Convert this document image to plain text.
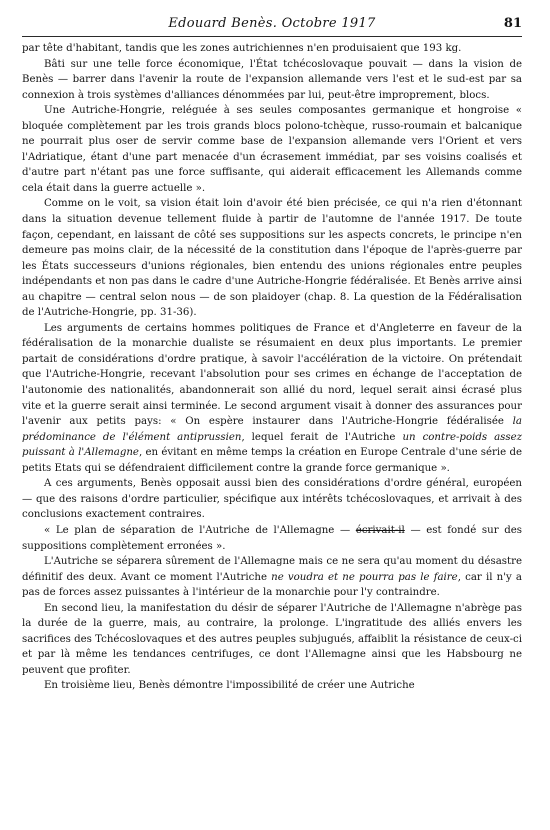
Edouard Benès. Octobre 1917	81

par tête d'habitant, tandis que les zones autrichiennes n'en produisaient que 193 kg.

Bâti sur une telle force économique, l'État tchécoslovaque pouvait — dans la vision de Benès — barrer dans l'avenir la route de l'expansion allemande vers l'est et le sud-est par sa connexion à trois systèmes d'alliances dénommées par lui, peut-être improprement, blocs.

Une Autriche-Hongrie, reléguée à ses seules composantes germanique et hongroise « bloquée complètement par les trois grands blocs polono-tchèque, russo-roumain et balcanique ne pourrait plus oser de servir comme base de l'expansion allemande vers l'Orient et vers l'Adriatique, étant d'une part menacée d'un écrasement immédiat, par ses voisins coalisés et d'autre part n'étant pas une force suffisante, qui aiderait efficacement les Allemands comme cela était dans la guerre actuelle ».

Comme on le voit, sa vision était loin d'avoir été bien précisée, ce qui n'a rien d'étonnant dans la situation devenue tellement fluide à partir de l'automne de l'année 1917. De toute façon, cependant, en laissant de côté ses suppositions sur les aspects concrets, le principe n'en demeure pas moins clair, de la nécessité de la constitution dans l'époque de l'après-guerre par les États successeurs d'unions régionales, bien entendu des unions régionales entre peuples indépendants et non pas dans le cadre d'une Autriche-Hongrie fédéralisée. Et Benès arrive ainsi au chapitre — central selon nous — de son plaidoyer (chap. 8. La question de la Fédéralisation de l'Autriche-Hongrie, pp. 31-36).

Les arguments de certains hommes politiques de France et d'Angleterre en faveur de la fédéralisation de la monarchie dualiste se résumaient en deux plus importants. Le premier partait de considérations d'ordre pratique, à savoir l'accélération de la victoire. On prétendait que l'Autriche-Hongrie, recevant l'absolution pour ses crimes en échange de l'acceptation de l'autonomie des nationalités, abandonnerait son allié du nord, lequel serait ainsi écrasé plus vite et la guerre serait ainsi terminée. Le second argument visait à donner des assurances pour l'avenir aux petits pays: « On espère instaurer dans l'Autriche-Hongrie fédéralisée la prédominance de l'élément antiprussien, lequel ferait de l'Autriche un contre-poids assez puissant à l'Allemagne, en évitant en même temps la création en Europe Centrale d'une série de petits Etats qui se défendraient difficilement contre la grande force germanique ».

A ces arguments, Benès opposait aussi bien des considérations d'ordre général, européen — que des raisons d'ordre particulier, spécifique aux intérêts tchécoslovaques, et arrivait à des conclusions exactement contraires.

« Le plan de séparation de l'Autriche de l'Allemagne — écrivait-il — est fondé sur des suppositions complètement erronées ».

L'Autriche se séparera sûrement de l'Allemagne mais ce ne sera qu'au moment du désastre définitif des deux. Avant ce moment l'Autriche ne voudra et ne pourra pas le faire, car il n'y a pas de forces assez puissantes à l'intérieur de la monarchie pour l'y contraindre.

En second lieu, la manifestation du désir de séparer l'Autriche de l'Allemagne n'abrège pas la durée de la guerre, mais, au contraire, la prolonge. L'ingratitude des alliés envers les sacrifices des Tchécoslovaques et des autres peuples subjugués, affaiblit la résistance de ceux-ci et par là même les tendances centrifuges, ce dont l'Allemagne ainsi que les Habsbourg ne peuvent que profiter.

En troisième lieu, Benès démontre l'impossibilité de créer une Autriche
